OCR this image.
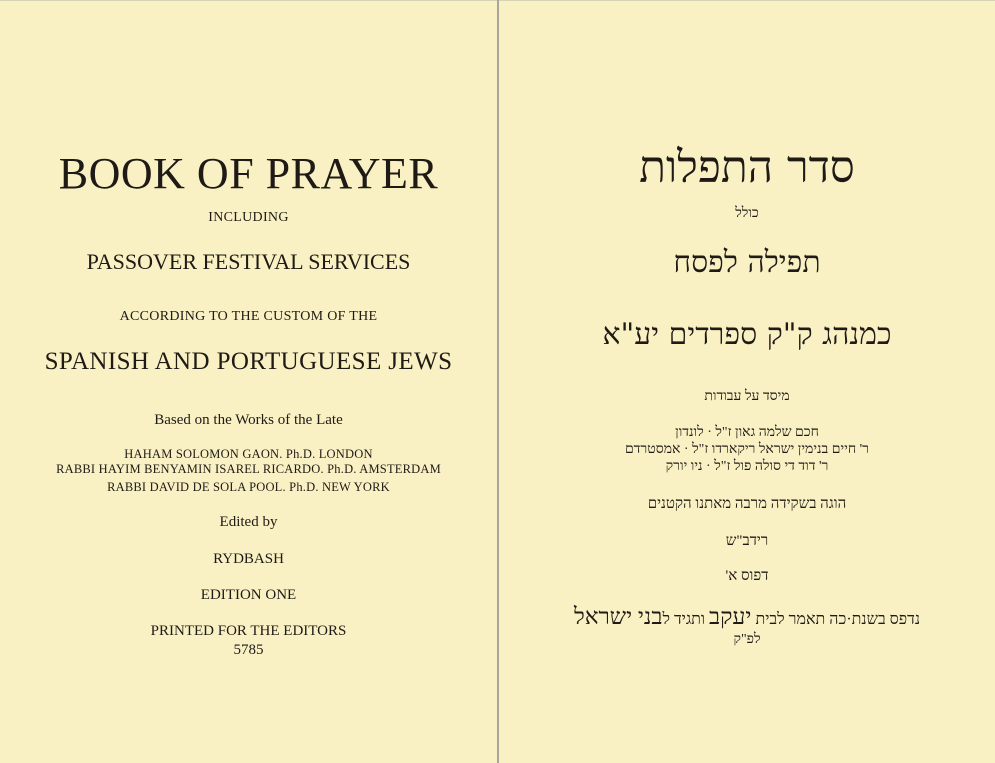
BOOK OF PRAYER
INCLUDING
PASSOVER FESTIVAL SERVICES
ACCORDING TO THE CUSTOM OF THE
SPANISH AND PORTUGUESE JEWS
Based on the Works of the Late
HAHAM SOLOMON GAON. Ph.D. LONDON
RABBI HAYIM BENYAMIN ISAREL RICARDO. Ph.D. AMSTERDAM
RABBI DAVID DE SOLA POOL. Ph.D. NEW YORK
Edited by
RYDBASH
EDITION ONE
PRINTED FOR THE EDITORS
5785
סדר התפלות
כולל
תפילה לפסח
כמנהג ק"ק ספרדים יע"א
מיסד על עבודות
חכם שלמה גאון ז"ל · לונדון
ר' חיים בנימין ישראל ריקארדו ז"ל · אמסטרדם
ר' דוד די סולה פול ז"ל · ניו יורק
הוגה בשקידה מרבה מאתנו הקטנים
רידב"ש
דפוס א'
נדפס בשנת·כה תאמר לבית יעקב ותגיד לבני ישראל
לפ"ק
